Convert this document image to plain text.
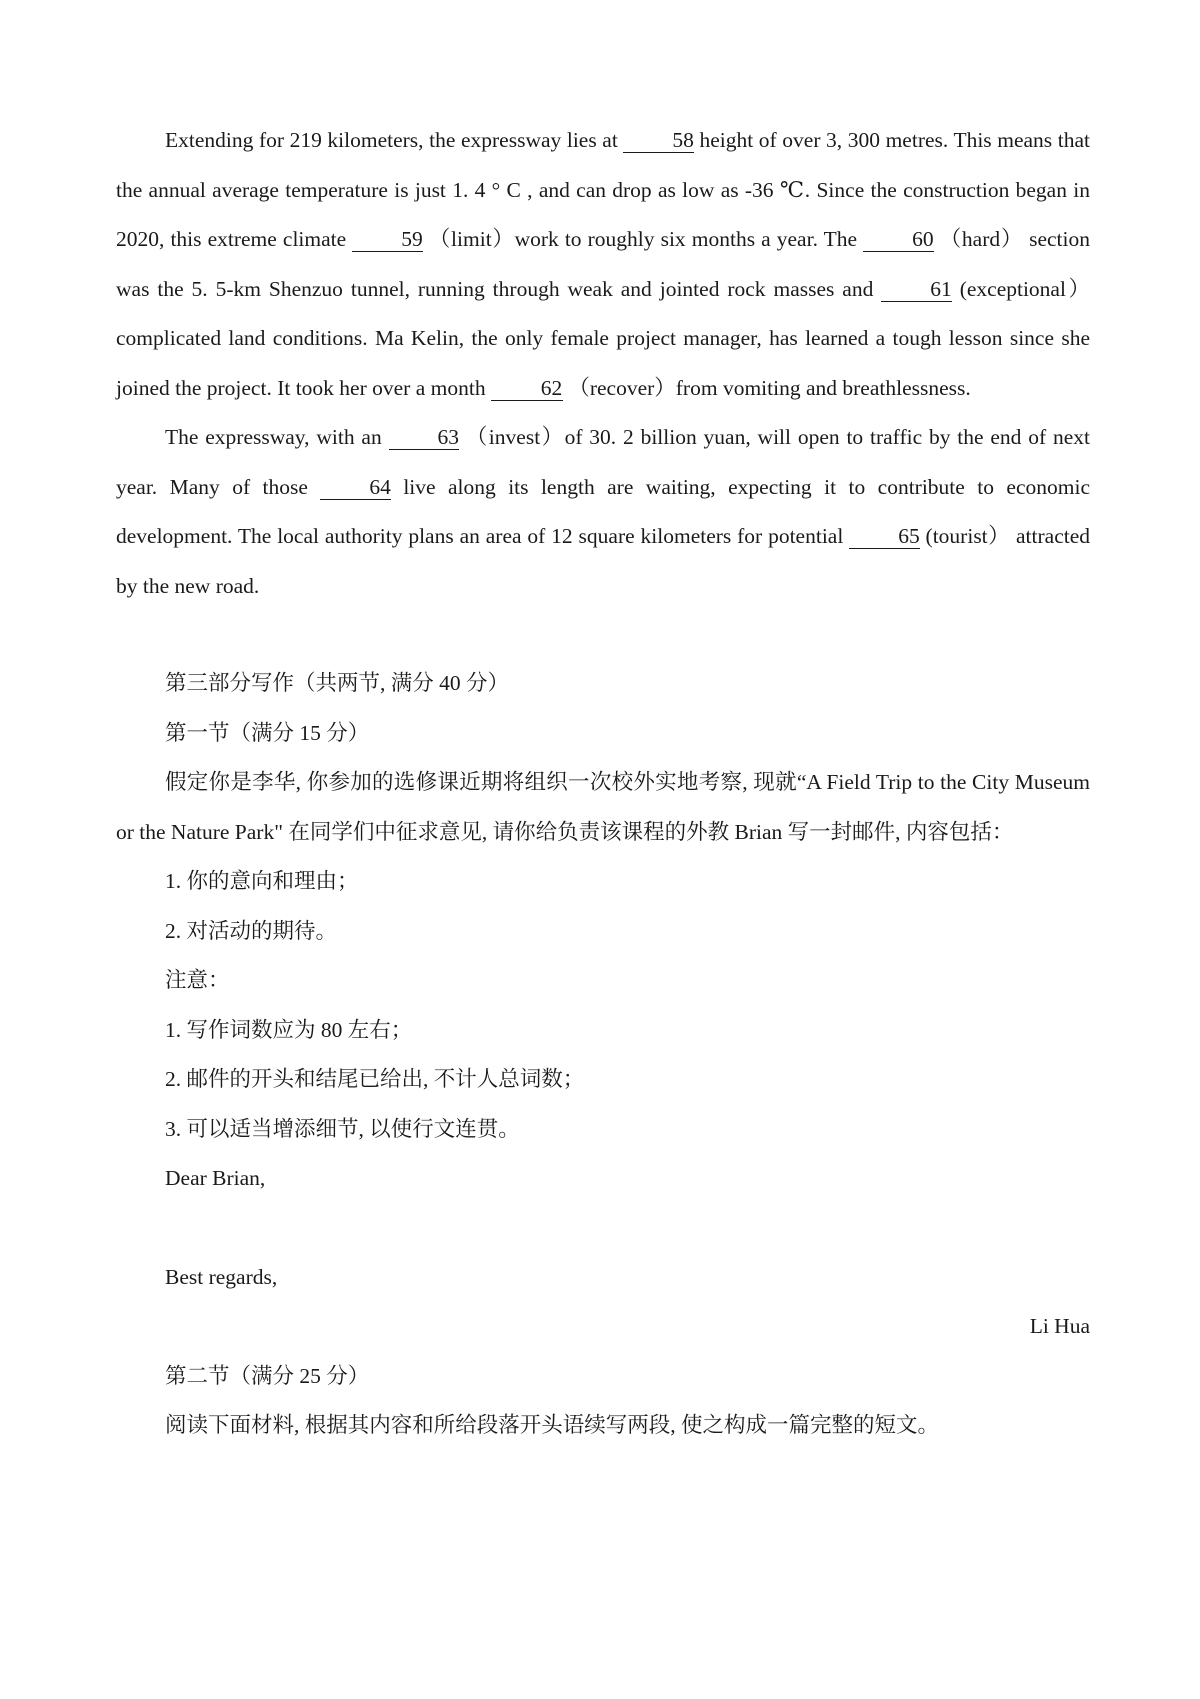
Extending for 219 kilometers, the expressway lies at 58 height of over 3, 300 metres. This means that the annual average temperature is just 1. 4 ° C , and can drop as low as -36 ℃. Since the construction began in 2020, this extreme climate 59 （limit）work to roughly six months a year. The 60 （hard） section was the 5. 5-km Shenzuo tunnel, running through weak and jointed rock masses and 61 (exceptional） complicated land conditions. Ma Kelin, the only female project manager, has learned a tough lesson since she joined the project. It took her over a month 62 （recover）from vomiting and breathlessness.

The expressway, with an 63 （invest）of 30. 2 billion yuan, will open to traffic by the end of next year. Many of those 64 live along its length are waiting, expecting it to contribute to economic development. The local authority plans an area of 12 square kilometers for potential 65 (tourist） attracted by the new road.

第三部分写作（共两节, 满分 40 分）

第一节（满分 15 分）

假定你是李华, 你参加的选修课近期将组织一次校外实地考察, 现就“A Field Trip to the City Museum or the Nature Park" 在同学们中征求意见, 请你给负责该课程的外教 Brian 写一封邮件, 内容包括：

1. 你的意向和理由；

2. 对活动的期待。

注意：

1. 写作词数应为 80 左右；

2. 邮件的开头和结尾已给出, 不计人总词数；

3. 可以适当增添细节, 以使行文连贯。

Dear Brian,

Best regards,

Li Hua

第二节（满分 25 分）

阅读下面材料, 根据其内容和所给段落开头语续写两段, 使之构成一篇完整的短文。
